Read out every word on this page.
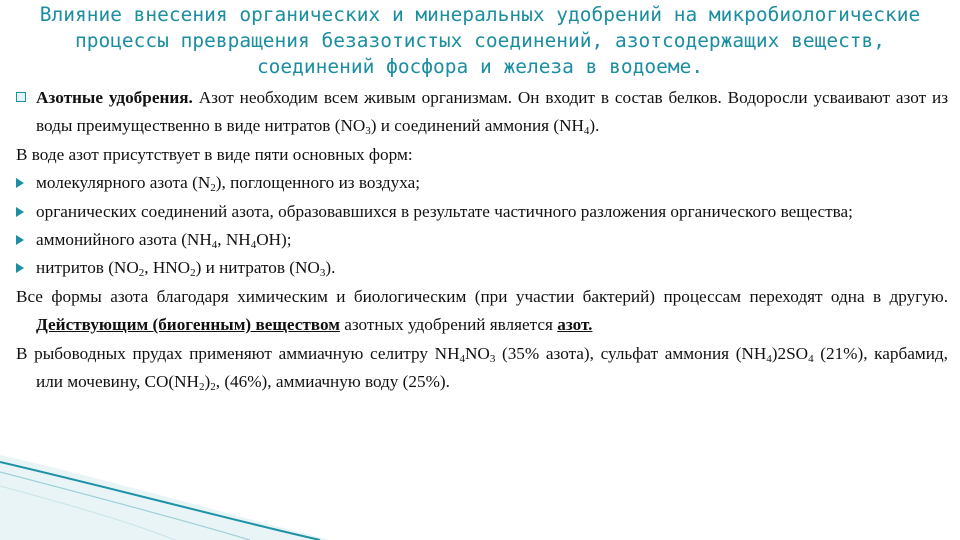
Влияние внесения органических и минеральных удобрений на микробиологические
процессы превращения безазотистых соединений, азотсодержащих веществ,
соединений фосфора и железа в водоеме.
Азотные удобрения. Азот необходим всем живым организмам. Он входит в состав белков. Водоросли усваивают азот из воды преимущественно в виде нитратов $(NO_3)$ и соединений аммония $(NH_4)$.
В воде азот присутствует в виде пяти основных форм:
молекулярного азота $(N_2)$, поглощенного из воздуха;
органических соединений азота, образовавшихся в результате частичного разложения органического вещества;
аммонийного азота ($NH_4$, $NH_4OH$);
нитритов ($NO_2$, $HNO_2$) и нитратов $(NO_3)$.
Все формы азота благодаря химическим и биологическим (при участии бактерий) процессам переходят одна в другую. Действующим (биогенным) веществом азотных удобрений является азот.
В рыбоводных прудах применяют аммиачную селитру $NH_4NO_3$ (35% азота), сульфат аммония $(NH_4)2SO_4$ (21%), карбамид, или мочевину, $CO(NH_2)_2$, (46%), аммиачную воду (25%).
